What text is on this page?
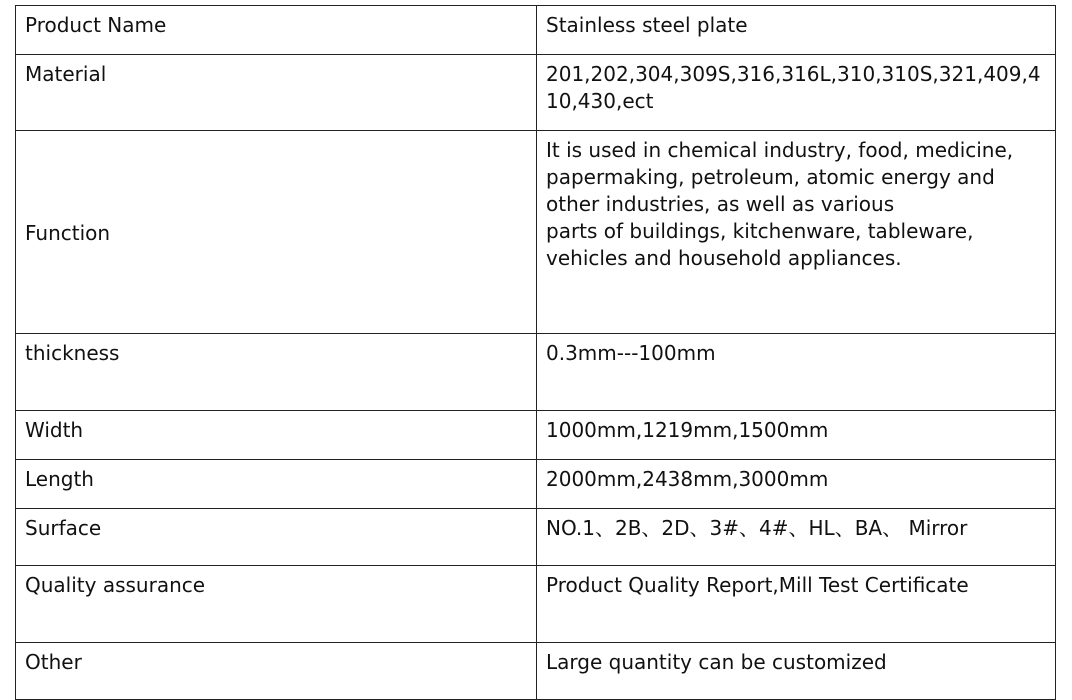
Product Name	Stainless steel plate
Material	201,202,304,309S,316,316L,310,310S,321,409,410,430,ect
Function	It is used in chemical industry, food, medicine,
papermaking, petroleum, atomic energy and
other industries, as well as various
parts of buildings, kitchenware, tableware,
vehicles and household appliances.

thickness	0.3mm---100mm
Width	1000mm,1219mm,1500mm
Length	2000mm,2438mm,3000mm
Surface	NO.1、2B、2D、3#、4#、HL、BA、 Mirror
Quality assurance	Product Quality Report,Mill Test Certificate
Other	Large quantity can be customized
